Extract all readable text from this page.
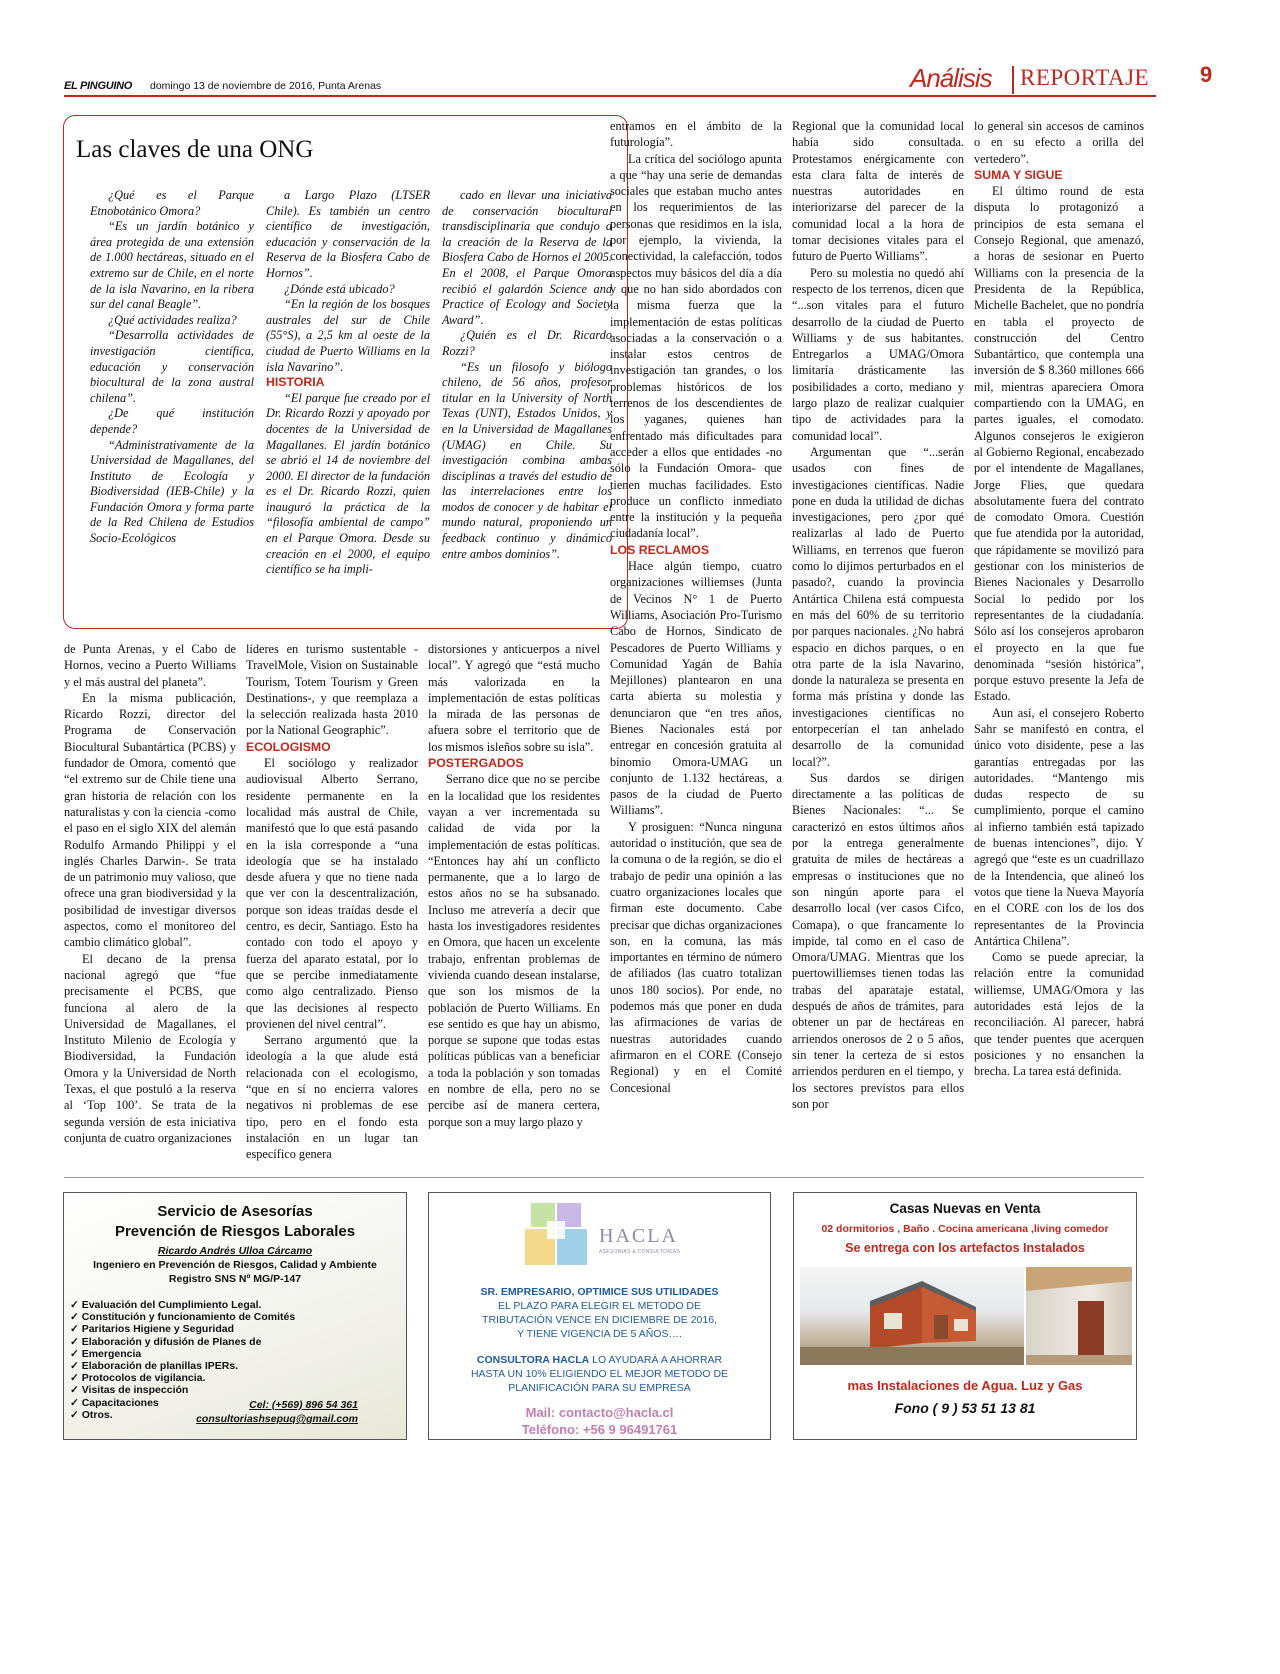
EL PINGUINO domingo 13 de noviembre de 2016, Punta Arenas	Análisis REPORTAJE 9
Las claves de una ONG

¿Qué es el Parque Etnobotánico Omora?

“Es un jardín botánico y área protegida de una extensión de 1.000 hectáreas, situado en el extremo sur de Chile, en el norte de la isla Navarino, en la ribera sur del canal Beagle”.

¿Qué actividades realiza?

“Desarrolla actividades de investigación científica, educación y conservación biocultural de la zona austral chilena”.

¿De qué institución depende?

“Administrativamente de la Universidad de Magallanes, del Instituto de Ecología y Biodiversidad (IEB-Chile) y la Fundación Omora y forma parte de la Red Chilena de Estudios Socio-Ecológicos

a Largo Plazo (LTSER Chile). Es también un centro científico de investigación, educación y conservación de la Reserva de la Biosfera Cabo de Hornos”.

¿Dónde está ubicado?

“En la región de los bosques australes del sur de Chile (55°S), a 2,5 km al oeste de la ciudad de Puerto Williams en la isla Navarino”.

HISTORIA

“El parque fue creado por el Dr. Ricardo Rozzi y apoyado por docentes de la Universidad de Magallanes. El jardín botánico se abrió el 14 de noviembre del 2000. El director de la fundación es el Dr. Ricardo Rozzi, quien inauguró la práctica de la “filosofía ambiental de campo” en el Parque Omora. Desde su creación en el 2000, el equipo científico se ha impli-

cado en llevar una iniciativa de conservación biocultural transdisciplinaria que condujo a la creación de la Reserva de la Biosfera Cabo de Hornos el 2005. En el 2008, el Parque Omora recibió el galardón Science and Practice of Ecology and Society Award”.

¿Quién es el Dr. Ricardo Rozzi?

“Es un filosofo y biólogo chileno, de 56 años, profesor titular en la University of North Texas (UNT), Estados Unidos, y en la Universidad de Magallanes (UMAG) en Chile. Su investigación combina ambas disciplinas a través del estudio de las interrelaciones entre los modos de conocer y de habitar el mundo natural, proponiendo un feedback continuo y dinámico entre ambos dominios”.

de Punta Arenas, y el Cabo de Hornos, vecino a Puerto Williams y el más austral del planeta”.

En la misma publicación, Ricardo Rozzi, director del Programa de Conservación Biocultural Subantártica (PCBS) y fundador de Omora, comentó que “el extremo sur de Chile tiene una gran historia de relación con los naturalistas y con la ciencia -como el paso en el siglo XIX del alemán Rodulfo Armando Philippi y el inglés Charles Darwin-. Se trata de un patrimonio muy valioso, que ofrece una gran biodiversidad y la posibilidad de investigar diversos aspectos, como el monitoreo del cambio climático global”.

El decano de la prensa nacional agregó que “fue precisamente el PCBS, que funciona al alero de la Universidad de Magallanes, el Instituto Milenio de Ecología y Biodiversidad, la Fundación Omora y la Universidad de North Texas, el que postuló a la reserva al ‘Top 100’. Se trata de la segunda versión de esta iniciativa conjunta de cuatro organizaciones

líderes en turismo sustentable -TravelMole, Vision on Sustainable Tourism, Totem Tourism y Green Destinations-, y que reemplaza a la selección realizada hasta 2010 por la National Geographic”.

ECOLOGISMO

El sociólogo y realizador audiovisual Alberto Serrano, residente permanente en la localidad más austral de Chile, manifestó que lo que está pasando en la isla corresponde a “una ideología que se ha instalado desde afuera y que no tiene nada que ver con la descentralización, porque son ideas traídas desde el centro, es decir, Santiago. Esto ha contado con todo el apoyo y fuerza del aparato estatal, por lo que se percibe inmediatamente como algo centralizado. Pienso que las decisiones al respecto provienen del nivel central”.

Serrano argumentó que la ideología a la que alude está relacionada con el ecologismo, “que en sí no encierra valores negativos ni problemas de ese tipo, pero en el fondo esta instalación en un lugar tan específico genera

distorsiones y anticuerpos a nivel local”. Y agregó que “está mucho más valorizada en la implementación de estas políticas la mirada de las personas de afuera sobre el territorio que de los mismos isleños sobre su isla”.

POSTERGADOS

Serrano dice que no se percibe en la localidad que los residentes vayan a ver incrementada su calidad de vida por la implementación de estas políticas. “Entonces hay ahí un conflicto permanente, que a lo largo de estos años no se ha subsanado. Incluso me atrevería a decir que hasta los investigadores residentes en Omora, que hacen un excelente trabajo, enfrentan problemas de vivienda cuando desean instalarse, que son los mismos de la población de Puerto Williams. En ese sentido es que hay un abismo, porque se supone que todas estas políticas públicas van a beneficiar a toda la población y son tomadas en nombre de ella, pero no se percibe así de manera certera, porque son a muy largo plazo y

entramos en el ámbito de la futurología”.

La crítica del sociólogo apunta a que “hay una serie de demandas sociales que estaban mucho antes en los requerimientos de las personas que residimos en la isla, por ejemplo, la vivienda, la conectividad, la calefacción, todos aspectos muy básicos del día a día y que no han sido abordados con la misma fuerza que la implementación de estas políticas asociadas a la conservación o a instalar estos centros de investigación tan grandes, o los problemas históricos de los terrenos de los descendientes de los yaganes, quienes han enfrentado más dificultades para acceder a ellos que entidades -no sólo la Fundación Omora- que tienen muchas facilidades. Esto produce un conflicto inmediato entre la institución y la pequeña ciudadanía local”.

LOS RECLAMOS

Hace algún tiempo, cuatro organizaciones williemses (Junta de Vecinos N° 1 de Puerto Williams, Asociación Pro-Turismo Cabo de Hornos, Sindicato de Pescadores de Puerto Williams y Comunidad Yagán de Bahía Mejillones) plantearon en una carta abierta su molestia y denunciaron que “en tres años, Bienes Nacionales está por entregar en concesión gratuita al binomio Omora-UMAG un conjunto de 1.132 hectáreas, a pasos de la ciudad de Puerto Williams”.

Y prosiguen: “Nunca ninguna autoridad o institución, que sea de la comuna o de la región, se dio el trabajo de pedir una opinión a las cuatro organizaciones locales que firman este documento. Cabe precisar que dichas organizaciones son, en la comuna, las más importantes en término de número de afiliados (las cuatro totalizan unos 180 socios). Por ende, no podemos más que poner en duda las afirmaciones de varias de nuestras autoridades cuando afirmaron en el CORE (Consejo Regional) y en el Comité Concesional

Regional que la comunidad local había sido consultada. Protestamos enérgicamente con esta clara falta de interés de nuestras autoridades en interiorizarse del parecer de la comunidad local a la hora de tomar decisiones vitales para el futuro de Puerto Williams”.

Pero su molestia no quedó ahí respecto de los terrenos, dicen que “...son vitales para el futuro desarrollo de la ciudad de Puerto Williams y de sus habitantes. Entregarlos a UMAG/Omora limitaría drásticamente las posibilidades a corto, mediano y largo plazo de realizar cualquier tipo de actividades para la comunidad local”.

Argumentan que “...serán usados con fines de investigaciones científicas. Nadie pone en duda la utilidad de dichas investigaciones, pero ¿por qué realizarlas al lado de Puerto Williams, en terrenos que fueron como lo dijimos perturbados en el pasado?, cuando la provincia Antártica Chilena está compuesta en más del 60% de su territorio por parques nacionales. ¿No habrá espacio en dichos parques, o en otra parte de la isla Navarino, donde la naturaleza se presenta en forma más prístina y donde las investigaciones científicas no entorpecerían el tan anhelado desarrollo de la comunidad local?”.

Sus dardos se dirigen directamente a las políticas de Bienes Nacionales: “... Se caracterizó en estos últimos años por la entrega generalmente gratuita de miles de hectáreas a empresas o instituciones que no son ningún aporte para el desarrollo local (ver casos Cifco, Comapa), o que francamente lo impide, tal como en el caso de Omora/UMAG. Mientras que los puertowilliemses tienen todas las trabas del aparataje estatal, después de años de trámites, para obtener un par de hectáreas en arriendos onerosos de 2 o 5 años, sin tener la certeza de si estos arriendos perduren en el tiempo, y los sectores previstos para ellos son por

lo general sin accesos de caminos o en su efecto a orilla del vertedero”.

SUMA Y SIGUE

El último round de esta disputa lo protagonizó a principios de esta semana el Consejo Regional, que amenazó, a horas de sesionar en Puerto Williams con la presencia de la Presidenta de la República, Michelle Bachelet, que no pondría en tabla el proyecto de construcción del Centro Subantártico, que contempla una inversión de $ 8.360 millones 666 mil, mientras apareciera Omora compartiendo con la UMAG, en partes iguales, el comodato. Algunos consejeros le exigieron al Gobierno Regional, encabezado por el intendente de Magallanes, Jorge Flies, que quedara absolutamente fuera del contrato de comodato Omora. Cuestión que fue atendida por la autoridad, que rápidamente se movilizó para gestionar con los ministerios de Bienes Nacionales y Desarrollo Social lo pedido por los representantes de la ciudadanía. Sólo así los consejeros aprobaron el proyecto en la que fue denominada “sesión histórica”, porque estuvo presente la Jefa de Estado.

Aun así, el consejero Roberto Sahr se manifestó en contra, el único voto disidente, pese a las garantías entregadas por las autoridades. “Mantengo mis dudas respecto de su cumplimiento, porque el camino al infierno también está tapizado de buenas intenciones”, dijo. Y agregó que “este es un cuadrillazo de la Intendencia, que alineó los votos que tiene la Nueva Mayoría en el CORE con los de los dos representantes de la Provincia Antártica Chilena”.

Como se puede apreciar, la relación entre la comunidad williemse, UMAG/Omora y las autoridades está lejos de la reconciliación. Al parecer, habrá que tender puentes que acerquen posiciones y no ensanchen la brecha. La tarea está definida.

Servicio de Asesorías
Prevención de Riesgos Laborales
Ricardo Andrés Ulloa Cárcamo
Ingeniero en Prevención de Riesgos, Calidad y Ambiente
Registro SNS Nº MG/P-147
✓ Evaluación del Cumplimiento Legal.
✓ Constitución y funcionamiento de Comités
✓ Paritarios Higiene y Seguridad
✓ Elaboración y difusión de Planes de
✓ Emergencia
✓ Elaboración de planillas IPERs.
✓ Protocolos de vigilancia.
✓ Visitas de inspección
✓ Capacitaciones
✓ Otros.
Cel: (+569) 896 54 361
consultoriashsepuq@gmail.com
HACLA
ASESORIAS & CONSULTORIAS
SR. EMPRESARIO, OPTIMICE SUS UTILIDADES
EL PLAZO PARA ELEGIR EL METODO DE
TRIBUTACIÓN VENCE EN DICIEMBRE DE 2016,
Y TIENE VIGENCIA DE 5 AÑOS….
CONSULTORA HACLA LO AYUDARÁ A AHORRAR
HASTA UN 10% ELIGIENDO EL MEJOR METODO DE
PLANIFICACIÓN PARA SU EMPRESA
Mail: contacto@hacla.cl
Teléfono: +56 9 96491761
Casas Nuevas en Venta
02 dormitorios , Baño . Cocina americana ,living comedor
Se entrega con los artefactos Instalados
mas Instalaciones de Agua. Luz y Gas
Fono ( 9 ) 53 51 13 81
